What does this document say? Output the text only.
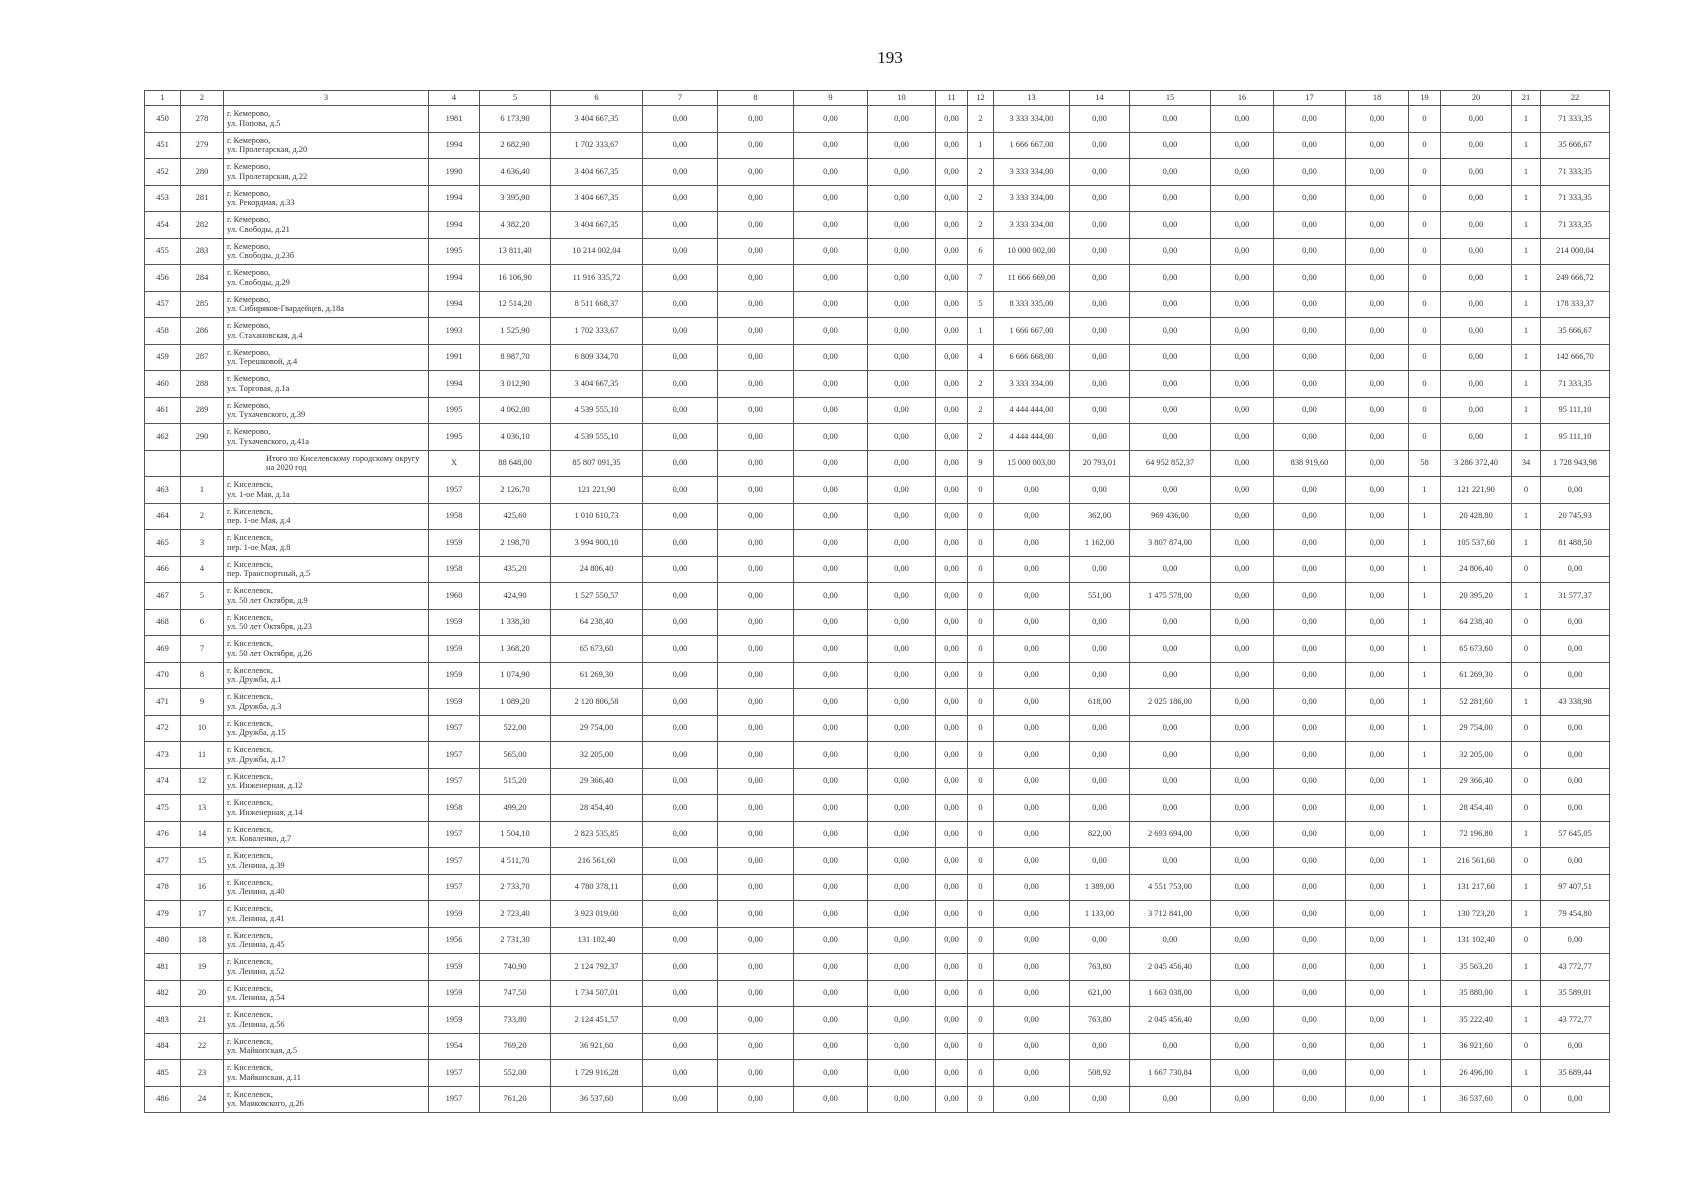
193
1	2	3	4	5	6	7	8	9	10	11	12	13	14	15	16	17	18	19	20	21	22
450	278	г. Кемерово,
ул. Попова, д.5	1981	6 173,90	3 404 667,35	0,00	0,00	0,00	0,00	0,00	2	3 333 334,00	0,00	0,00	0,00	0,00	0,00	0	0,00	1	71 333,35
451	279	г. Кемерово,
ул. Пролетарская, д.20	1994	2 682,90	1 702 333,67	0,00	0,00	0,00	0,00	0,00	1	1 666 667,00	0,00	0,00	0,00	0,00	0,00	0	0,00	1	35 666,67
452	280	г. Кемерово,
ул. Пролетарская, д.22	1990	4 636,40	3 404 667,35	0,00	0,00	0,00	0,00	0,00	2	3 333 334,00	0,00	0,00	0,00	0,00	0,00	0	0,00	1	71 333,35
453	281	г. Кемерово,
ул. Рекордная, д.33	1994	3 395,90	3 404 667,35	0,00	0,00	0,00	0,00	0,00	2	3 333 334,00	0,00	0,00	0,00	0,00	0,00	0	0,00	1	71 333,35
454	282	г. Кемерово,
ул. Свободы, д.21	1994	4 382,20	3 404 667,35	0,00	0,00	0,00	0,00	0,00	2	3 333 334,00	0,00	0,00	0,00	0,00	0,00	0	0,00	1	71 333,35
455	283	г. Кемерово,
ул. Свободы, д.23б	1995	13 811,40	10 214 002,04	0,00	0,00	0,00	0,00	0,00	6	10 000 002,00	0,00	0,00	0,00	0,00	0,00	0	0,00	1	214 000,04
456	284	г. Кемерово,
ул. Свободы, д.29	1994	16 106,90	11 916 335,72	0,00	0,00	0,00	0,00	0,00	7	11 666 669,00	0,00	0,00	0,00	0,00	0,00	0	0,00	1	249 666,72
457	285	г. Кемерово,
ул. Сибиряков-Гвардейцев, д.18а	1994	12 514,20	8 511 668,37	0,00	0,00	0,00	0,00	0,00	5	8 333 335,00	0,00	0,00	0,00	0,00	0,00	0	0,00	1	178 333,37
458	286	г. Кемерово,
ул. Стахановская, д.4	1993	1 525,90	1 702 333,67	0,00	0,00	0,00	0,00	0,00	1	1 666 667,00	0,00	0,00	0,00	0,00	0,00	0	0,00	1	35 666,67
459	287	г. Кемерово,
ул. Терешковой, д.4	1991	8 987,70	6 809 334,70	0,00	0,00	0,00	0,00	0,00	4	6 666 668,00	0,00	0,00	0,00	0,00	0,00	0	0,00	1	142 666,70
460	288	г. Кемерово,
ул. Торговая, д.1а	1994	3 012,90	3 404 667,35	0,00	0,00	0,00	0,00	0,00	2	3 333 334,00	0,00	0,00	0,00	0,00	0,00	0	0,00	1	71 333,35
461	289	г. Кемерово,
ул. Тухачевского, д.39	1995	4 062,00	4 539 555,10	0,00	0,00	0,00	0,00	0,00	2	4 444 444,00	0,00	0,00	0,00	0,00	0,00	0	0,00	1	95 111,10
462	290	г. Кемерово,
ул. Тухачевского, д.41а	1995	4 036,10	4 539 555,10	0,00	0,00	0,00	0,00	0,00	2	4 444 444,00	0,00	0,00	0,00	0,00	0,00	0	0,00	1	95 111,10

		Итого по Киселевскому городскому округу
на 2020 год	X	88 648,00	85 807 091,35	0,00	0,00	0,00	0,00	0,00	9	15 000 003,00	20 793,01	64 952 852,37	0,00	838 919,60	0,00	58	3 286 372,40	34	1 728 943,98
463	1	г. Киселевск,
ул. 1-ое Мая, д.1а	1957	2 126,70	121 221,90	0,00	0,00	0,00	0,00	0,00	0	0,00	0,00	0,00	0,00	0,00	0,00	1	121 221,90	0	0,00
464	2	г. Киселевск,
пер. 1-ое Мая, д.4	1958	425,60	1 010 610,73	0,00	0,00	0,00	0,00	0,00	0	0,00	362,00	969 436,00	0,00	0,00	0,00	1	20 428,80	1	20 745,93
465	3	г. Киселевск,
пер. 1-ое Мая, д.8	1959	2 198,70	3 994 900,10	0,00	0,00	0,00	0,00	0,00	0	0,00	1 162,00	3 807 874,00	0,00	0,00	0,00	1	105 537,60	1	81 488,50
466	4	г. Киселевск,
пер. Транспортный, д.5	1958	435,20	24 806,40	0,00	0,00	0,00	0,00	0,00	0	0,00	0,00	0,00	0,00	0,00	0,00	1	24 806,40	0	0,00
467	5	г. Киселевск,
ул. 50 лет Октября, д.9	1960	424,90	1 527 550,57	0,00	0,00	0,00	0,00	0,00	0	0,00	551,00	1 475 578,00	0,00	0,00	0,00	1	20 395,20	1	31 577,37
468	6	г. Киселевск,
ул. 50 лет Октября, д.23	1959	1 338,30	64 238,40	0,00	0,00	0,00	0,00	0,00	0	0,00	0,00	0,00	0,00	0,00	0,00	1	64 238,40	0	0,00
469	7	г. Киселевск,
ул. 50 лет Октября, д.26	1959	1 368,20	65 673,60	0,00	0,00	0,00	0,00	0,00	0	0,00	0,00	0,00	0,00	0,00	0,00	1	65 673,60	0	0,00
470	8	г. Киселевск,
ул. Дружба, д.1	1959	1 074,90	61 269,30	0,00	0,00	0,00	0,00	0,00	0	0,00	0,00	0,00	0,00	0,00	0,00	1	61 269,30	0	0,00
471	9	г. Киселевск,
ул. Дружба, д.3	1959	1 089,20	2 120 806,58	0,00	0,00	0,00	0,00	0,00	0	0,00	618,00	2 025 186,00	0,00	0,00	0,00	1	52 281,60	1	43 338,98
472	10	г. Киселевск,
ул. Дружба, д.15	1957	522,00	29 754,00	0,00	0,00	0,00	0,00	0,00	0	0,00	0,00	0,00	0,00	0,00	0,00	1	29 754,00	0	0,00
473	11	г. Киселевск,
ул. Дружба, д.17	1957	565,00	32 205,00	0,00	0,00	0,00	0,00	0,00	0	0,00	0,00	0,00	0,00	0,00	0,00	1	32 205,00	0	0,00
474	12	г. Киселевск,
ул. Инженерная, д.12	1957	515,20	29 366,40	0,00	0,00	0,00	0,00	0,00	0	0,00	0,00	0,00	0,00	0,00	0,00	1	29 366,40	0	0,00
475	13	г. Киселевск,
ул. Инженерная, д.14	1958	499,20	28 454,40	0,00	0,00	0,00	0,00	0,00	0	0,00	0,00	0,00	0,00	0,00	0,00	1	28 454,40	0	0,00
476	14	г. Киселевск,
ул. Коваленко, д.7	1957	1 504,10	2 823 535,85	0,00	0,00	0,00	0,00	0,00	0	0,00	822,00	2 693 694,00	0,00	0,00	0,00	1	72 196,80	1	57 645,05
477	15	г. Киселевск,
ул. Ленина, д.39	1957	4 511,70	216 561,60	0,00	0,00	0,00	0,00	0,00	0	0,00	0,00	0,00	0,00	0,00	0,00	1	216 561,60	0	0,00
478	16	г. Киселевск,
ул. Ленина, д.40	1957	2 733,70	4 780 378,11	0,00	0,00	0,00	0,00	0,00	0	0,00	1 389,00	4 551 753,00	0,00	0,00	0,00	1	131 217,60	1	97 407,51
479	17	г. Киселевск,
ул. Ленина, д.41	1959	2 723,40	3 923 019,00	0,00	0,00	0,00	0,00	0,00	0	0,00	1 133,00	3 712 841,00	0,00	0,00	0,00	1	130 723,20	1	79 454,80
480	18	г. Киселевск,
ул. Ленина, д.45	1956	2 731,30	131 102,40	0,00	0,00	0,00	0,00	0,00	0	0,00	0,00	0,00	0,00	0,00	0,00	1	131 102,40	0	0,00
481	19	г. Киселевск,
ул. Ленина, д.52	1959	740,90	2 124 792,37	0,00	0,00	0,00	0,00	0,00	0	0,00	763,80	2 045 456,40	0,00	0,00	0,00	1	35 563,20	1	43 772,77
482	20	г. Киселевск,
ул. Ленина, д.54	1959	747,50	1 734 507,01	0,00	0,00	0,00	0,00	0,00	0	0,00	621,00	1 663 038,00	0,00	0,00	0,00	1	35 880,00	1	35 589,01
483	21	г. Киселевск,
ул. Ленина, д.56	1959	733,80	2 124 451,57	0,00	0,00	0,00	0,00	0,00	0	0,00	763,80	2 045 456,40	0,00	0,00	0,00	1	35 222,40	1	43 772,77
484	22	г. Киселевск,
ул. Майкопская, д.5	1954	769,20	36 921,60	0,00	0,00	0,00	0,00	0,00	0	0,00	0,00	0,00	0,00	0,00	0,00	1	36 921,60	0	0,00
485	23	г. Киселевск,
ул. Майкопская, д.11	1957	552,00	1 729 916,28	0,00	0,00	0,00	0,00	0,00	0	0,00	508,92	1 667 730,84	0,00	0,00	0,00	1	26 496,00	1	35 689,44
486	24	г. Киселевск,
ул. Маяковского, д.26	1957	761,20	36 537,60	0,00	0,00	0,00	0,00	0,00	0	0,00	0,00	0,00	0,00	0,00	0,00	1	36 537,60	0	0,00
